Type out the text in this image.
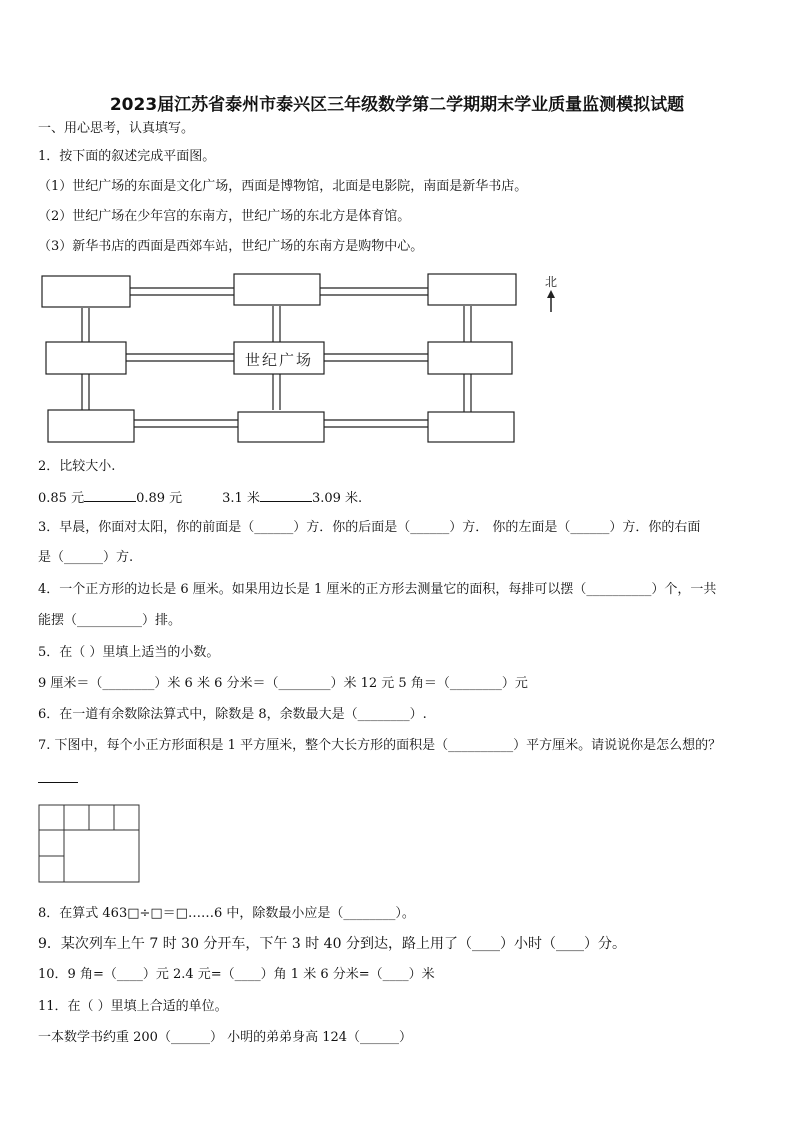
2023届江苏省泰州市泰兴区三年级数学第二学期期末学业质量监测模拟试题
一、用心思考，认真填写。
1．按下面的叙述完成平面图。
（1）世纪广场的东面是文化广场，西面是博物馆，北面是电影院，南面是新华书店。
（2）世纪广场在少年宫的东南方，世纪广场的东北方是体育馆。
（3）新华书店的西面是西郊车站，世纪广场的东南方是购物中心。
世纪广场
北
2．比较大小.
0.85 元	0.89 元	3.1 米	3.09 米.
3．早晨，你面对太阳，你的前面是（______）方．你的后面是（______）方． 你的左面是（______）方．你的右面
是（______）方.
4．一个正方形的边长是 6 厘米。如果用边长是 1 厘米的正方形去测量它的面积，每排可以摆（__________）个，一共
能摆（__________）排。
5．在（ ）里填上适当的小数。
9 厘米＝（________）米 6 米 6 分米＝（________）米 12 元 5 角＝（________）元
6．在一道有余数除法算式中，除数是 8，余数最大是（________）.
7. 下图中，每个小正方形面积是 1 平方厘米，整个大长方形的面积是（__________）平方厘米。请说说你是怎么想的？
8．在算式 463□÷□＝□……6 中，除数最小应是（________）。
9．某次列车上午 7 时 30 分开车，下午 3 时 40 分到达，路上用了（____）小时（____）分。
10．9 角=（____）元 2.4 元=（____）角 1 米 6 分米=（____）米
11．在（ ）里填上合适的单位。
一本数学书约重 200（______） 小明的弟弟身高 124（______）
